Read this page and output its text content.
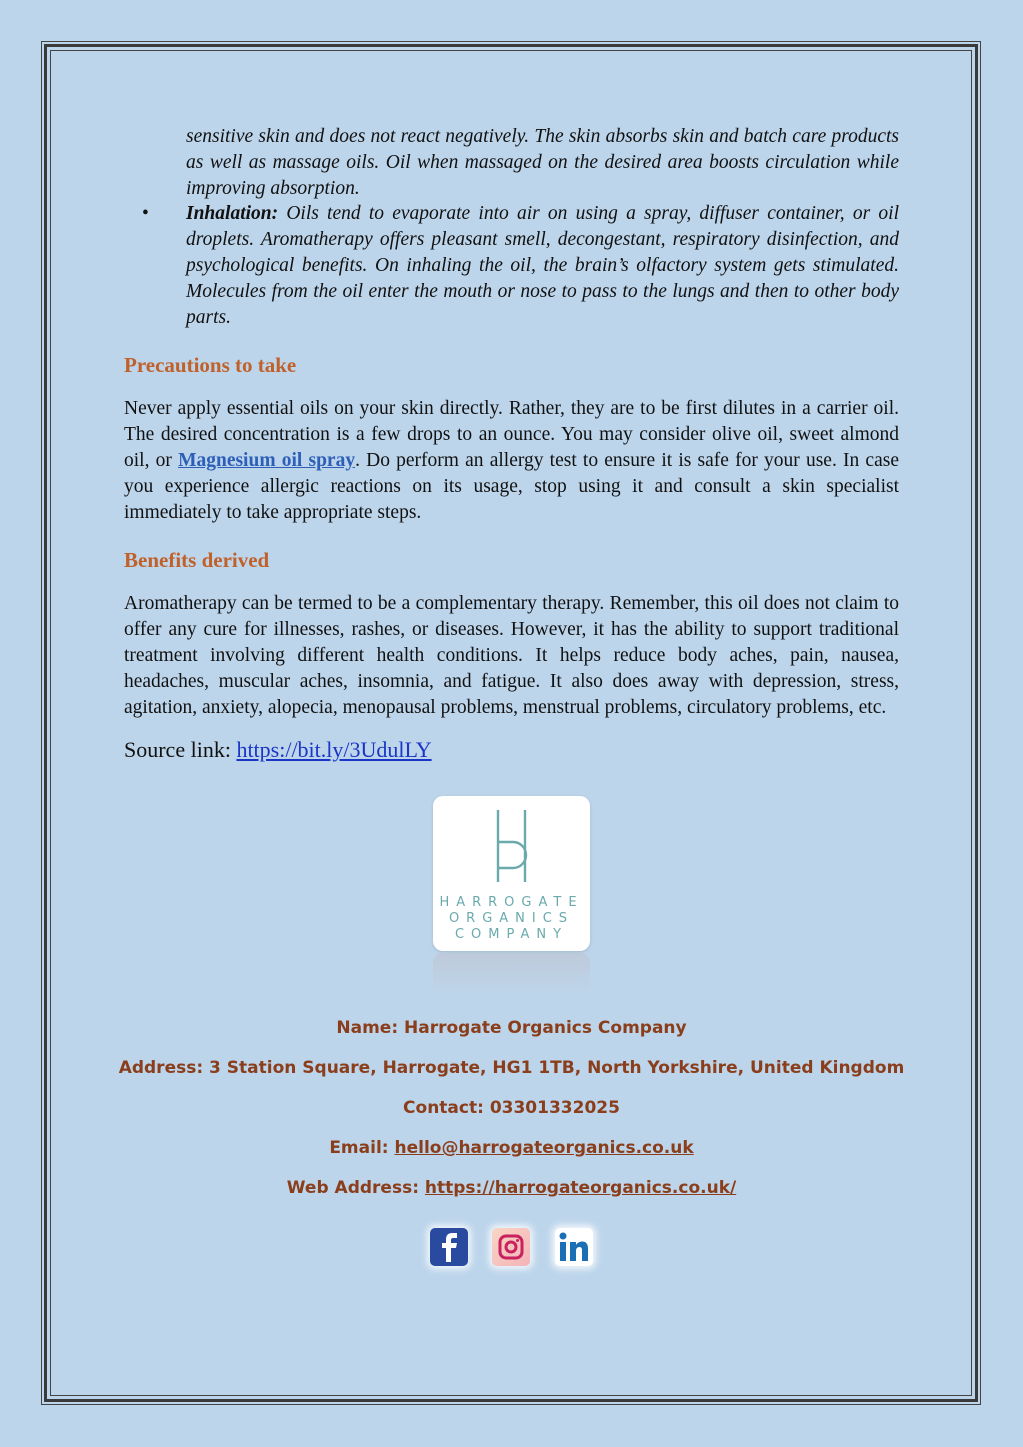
sensitive skin and does not react negatively. The skin absorbs skin and batch care products as well as massage oils. Oil when massaged on the desired area boosts circulation while improving absorption.
• Inhalation: Oils tend to evaporate into air on using a spray, diffuser container, or oil droplets. Aromatherapy offers pleasant smell, decongestant, respiratory disinfection, and psychological benefits. On inhaling the oil, the brain’s olfactory system gets stimulated. Molecules from the oil enter the mouth or nose to pass to the lungs and then to other body parts.
Precautions to take

Never apply essential oils on your skin directly. Rather, they are to be first dilutes in a carrier oil. The desired concentration is a few drops to an ounce. You may consider olive oil, sweet almond oil, or Magnesium oil spray. Do perform an allergy test to ensure it is safe for your use. In case you experience allergic reactions on its usage, stop using it and consult a skin specialist immediately to take appropriate steps.

Benefits derived

Aromatherapy can be termed to be a complementary therapy. Remember, this oil does not claim to offer any cure for illnesses, rashes, or diseases. However, it has the ability to support traditional treatment involving different health conditions. It helps reduce body aches, pain, nausea, headaches, muscular aches, insomnia, and fatigue. It also does away with depression, stress, agitation, anxiety, alopecia, menopausal problems, menstrual problems, circulatory problems, etc.

Source link: https://bit.ly/3UdulLY
HARROGATE
ORGANICS
COMPANY
Name: Harrogate Organics Company
Address: 3 Station Square, Harrogate, HG1 1TB, North Yorkshire, United Kingdom
Contact: 03301332025
Email: hello@harrogateorganics.co.uk
Web Address: https://harrogateorganics.co.uk/
